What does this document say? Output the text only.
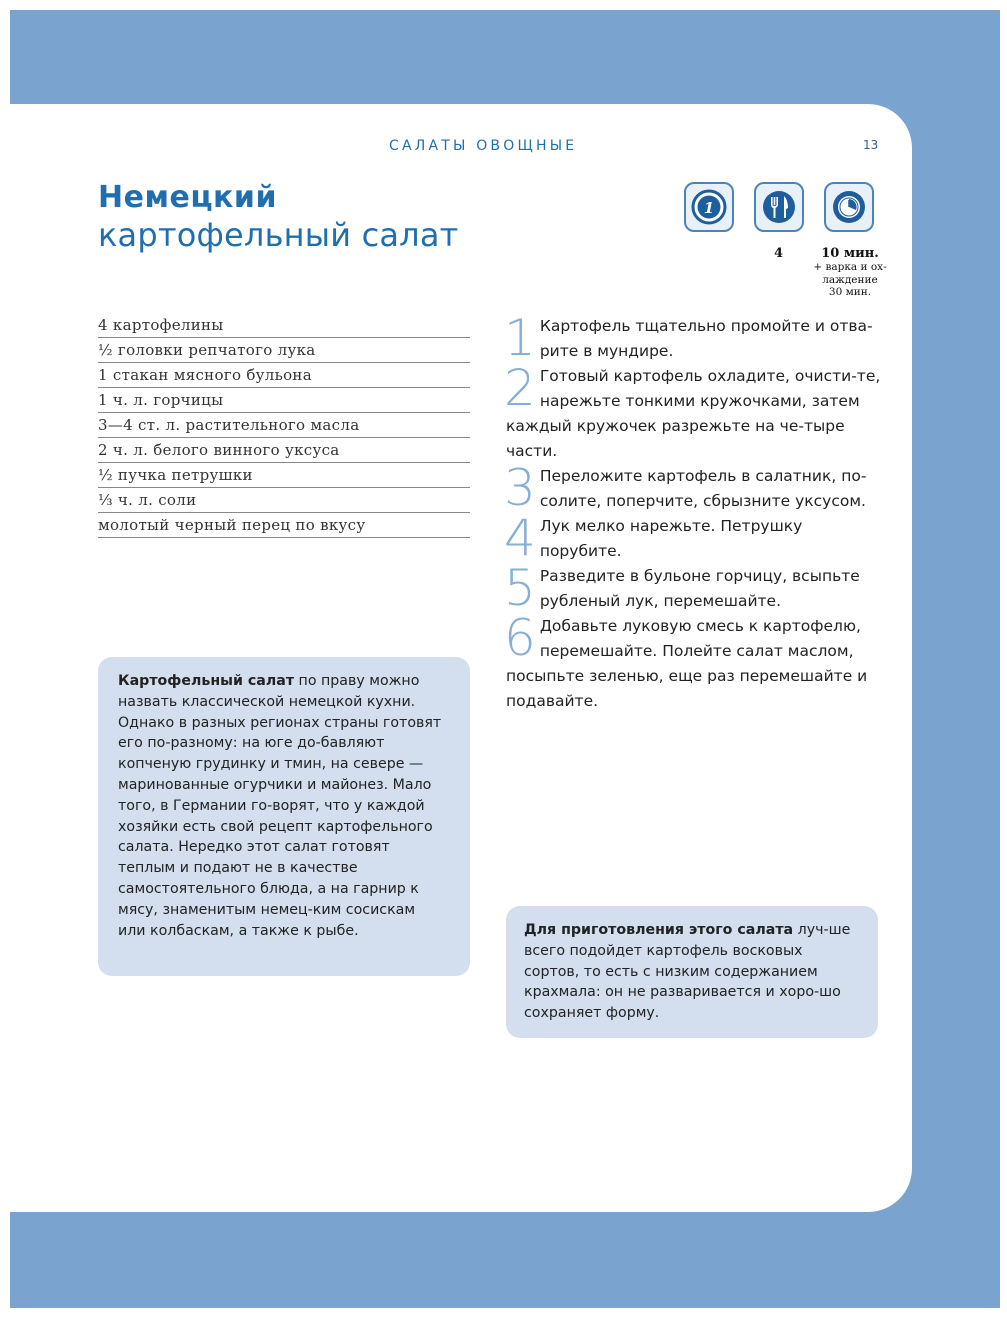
САЛАТЫ ОВОЩНЫЕ	13
Немецкий
картофельный салат
1
4	10 мин.
+ варка и ох-
лаждение
30 мин.
4 картофелины
½ головки репчатого лука
1 стакан мясного бульона
1 ч. л. горчицы
3—4 ст. л. растительного масла
2 ч. л. белого винного уксуса
½ пучка петрушки
⅓ ч. л. соли
молотый черный перец по вкусу
1 Картофель тщательно промойте и отва-рите в мундире.
2 Готовый картофель охладите, очисти-те, нарежьте тонкими кружочками, затем каждый кружочек разрежьте на че-тыре части.
3 Переложите картофель в салатник, по-солите, поперчите, сбрызните уксусом.
4 Лук мелко нарежьте. Петрушку порубите.
5 Разведите в бульоне горчицу, всыпьте рубленый лук, перемешайте.
6 Добавьте луковую смесь к картофелю, перемешайте. Полейте салат маслом, посыпьте зеленью, еще раз перемешайте и подавайте.
Картофельный салат по праву можно назвать классической немецкой кухни. Однако в разных регионах страны готовят его по-разному: на юге до-бавляют копченую грудинку и тмин, на севере — маринованные огурчики и майонез. Мало того, в Германии го-ворят, что у каждой хозяйки есть свой рецепт картофельного салата. Нередко этот салат готовят теплым и подают не в качестве самостоятельного блюда, а на гарнир к мясу, знаменитым немец-ким сосискам или колбаскам, а также к рыбе.	Для приготовления этого салата луч-ше всего подойдет картофель восковых сортов, то есть с низким содержанием крахмала: он не разваривается и хоро-шо сохраняет форму.
